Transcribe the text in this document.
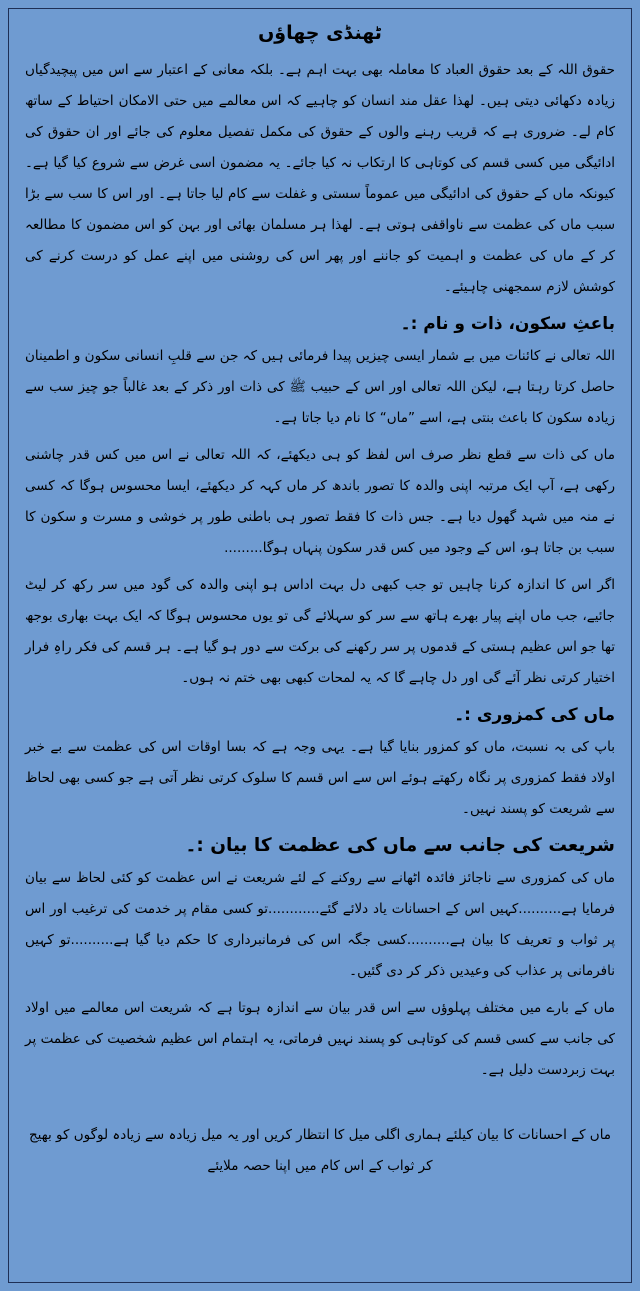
ٹھنڈی چھاؤں

حقوق اللہ کے بعد حقوق العباد کا معاملہ بھی بہت اہم ہے۔ بلکہ معانی کے اعتبار سے اس میں پیچیدگیاں زیادہ دکھائی دیتی ہیں۔ لھذا عقل مند انسان کو چاہیے کہ اس معالمے میں حتی الامکان احتیاط کے ساتھ کام لے۔ ضروری ہے کہ قریب رہنے والوں کے حقوق کی مکمل تفصیل معلوم کی جائے اور ان حقوق کی ادائیگی میں کسی قسم کی کوتاہی کا ارتکاب نہ کیا جائے۔ یہ مضمون اسی غرض سے شروع کیا گیا ہے۔ کیونکہ ماں کے حقوق کی ادائیگی میں عموماً سستی و غفلت سے کام لیا جاتا ہے۔ اور اس کا سب سے بڑا سبب ماں کی عظمت سے ناواقفی ہوتی ہے۔ لھذا ہر مسلمان بھائی اور بہن کو اس مضمون کا مطالعہ کر کے ماں کی عظمت و اہمیت کو جاننے اور پھر اس کی روشنی میں اپنے عمل کو درست کرنے کی کوشش لازم سمجھنی چاہیئے۔

باعثِ سکون، ذات و نام :۔

اللہ تعالی نے کائنات میں بے شمار ایسی چیزیں پیدا فرمائی ہیں کہ جن سے قلبِ انسانی سکون و اطمینان حاصل کرتا رہتا ہے، لیکن اللہ تعالی اور اس کے حبیب ﷺ کی ذات اور ذکر کے بعد غالباً جو چیز سب سے زیادہ سکون کا باعث بنتی ہے، اسے ”ماں“ کا نام دیا جاتا ہے۔

ماں کی ذات سے قطع نظر صرف اس لفظ کو ہی دیکھئے، کہ اللہ تعالی نے اس میں کس قدر چاشنی رکھی ہے، آپ ایک مرتبہ اپنی والدہ کا تصور باندھ کر ماں کہہ کر دیکھئے، ایسا محسوس ہوگا کہ کسی نے منہ میں شہد گھول دیا ہے۔ جس ذات کا فقط تصور ہی باطنی طور پر خوشی و مسرت و سکون کا سبب بن جاتا ہو، اس کے وجود میں کس قدر سکون پنہاں ہوگا.........

اگر اس کا اندازہ کرنا چاہیں تو جب کبھی دل بہت اداس ہو اپنی والدہ کی گود میں سر رکھ کر لیٹ جائیے، جب ماں اپنے پیار بھرے ہاتھ سے سر کو سہلائے گی تو یوں محسوس ہوگا کہ ایک بہت بھاری بوجھ تھا جو اس عظیم ہستی کے قدموں پر سر رکھنے کی برکت سے دور ہو گیا ہے۔ ہر قسم کی فکر راہِ فرار اختیار کرتی نظر آئے گی اور دل چاہے گا کہ یہ لمحات کبھی بھی ختم نہ ہوں۔

ماں کی کمزوری :۔

باپ کی بہ نسبت، ماں کو کمزور بنایا گیا ہے۔ یہی وجہ ہے کہ بسا اوقات اس کی عظمت سے بے خبر اولاد فقط کمزوری پر نگاہ رکھتے ہوئے اس سے اس قسم کا سلوک کرتی نظر آتی ہے جو کسی بھی لحاظ سے شریعت کو پسند نہیں۔

شریعت کی جانب سے ماں کی عظمت کا بیان :۔

ماں کی کمزوری سے ناجائز فائدہ اٹھانے سے روکنے کے لئے شریعت نے اس عظمت کو کئی لحاظ سے بیان فرمایا ہے..........کہیں اس کے احسانات یاد دلائے گئے............تو کسی مقام پر خدمت کی ترغیب اور اس پر ثواب و تعریف کا بیان ہے..........کسی جگہ اس کی فرمانبرداری کا حکم دیا گیا ہے..........تو کہیں نافرمانی پر عذاب کی وعیدیں ذکر کر دی گئیں۔

ماں کے بارے میں مختلف پہلوؤں سے اس قدر بیان سے اندازہ ہوتا ہے کہ شریعت اس معالمے میں اولاد کی جانب سے کسی قسم کی کوتاہی کو پسند نہیں فرماتی، یہ اہتمام اس عظیم شخصیت کی عظمت پر بہت زبردست دلیل ہے۔

ماں کے احسانات کا بیان کیلئے ہماری اگلی میل کا انتظار کریں اور یہ میل زیادہ سے زیادہ لوگوں کو بھیج کر ثواب کے اس کام میں اپنا حصہ ملایئے
